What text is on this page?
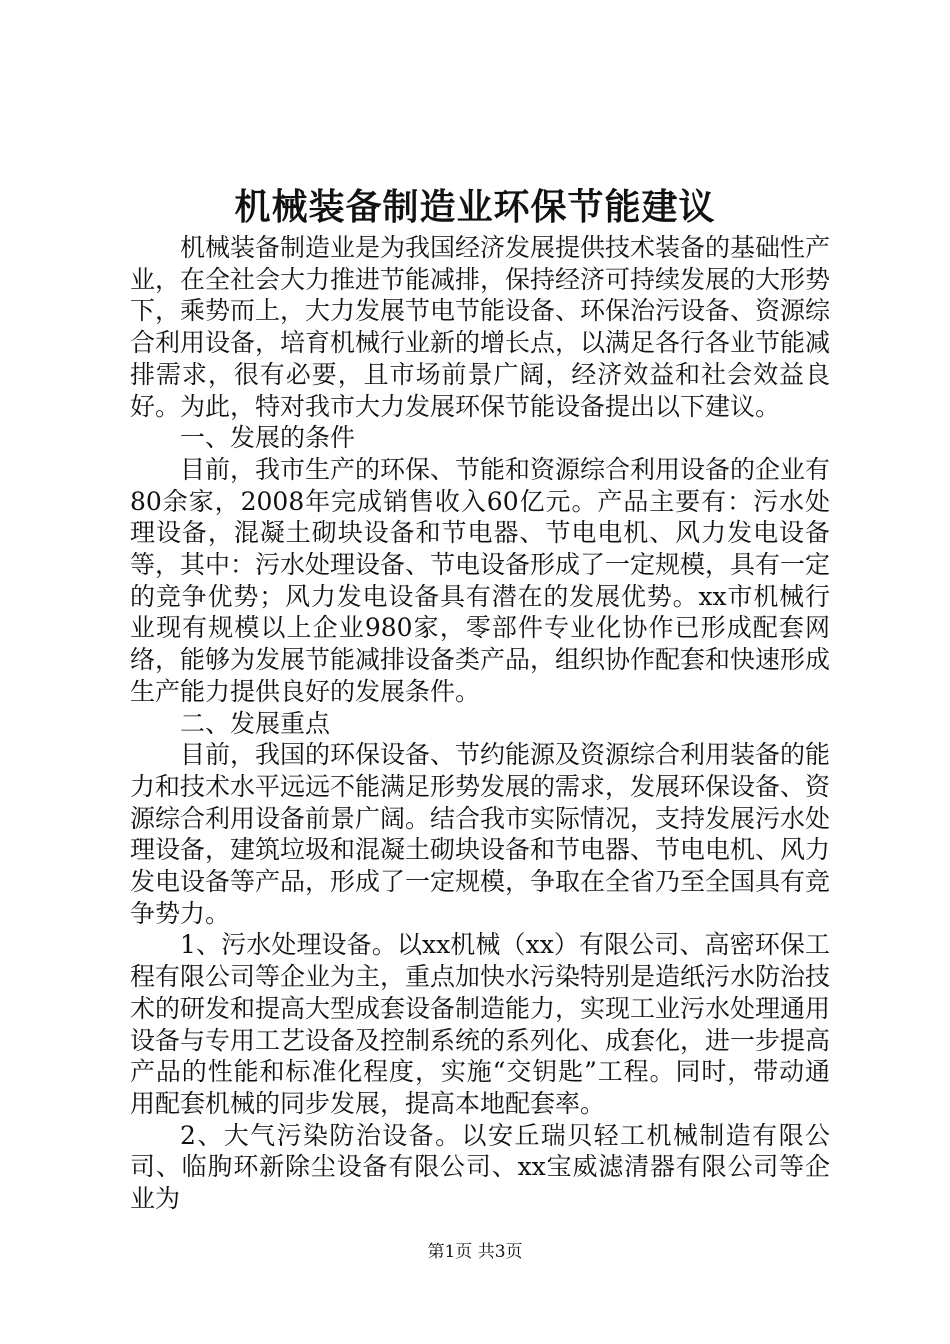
机械装备制造业环保节能建议

机械装备制造业是为我国经济发展提供技术装备的基础性产业，在全社会大力推进节能减排，保持经济可持续发展的大形势下，乘势而上，大力发展节电节能设备、环保治污设备、资源综合利用设备，培育机械行业新的增长点，以满足各行各业节能减排需求，很有必要，且市场前景广阔，经济效益和社会效益良好。为此，特对我市大力发展环保节能设备提出以下建议。

一、发展的条件

目前，我市生产的环保、节能和资源综合利用设备的企业有80余家，2008年完成销售收入60亿元。产品主要有：污水处理设备，混凝土砌块设备和节电器、节电电机、风力发电设备等，其中：污水处理设备、节电设备形成了一定规模，具有一定的竞争优势；风力发电设备具有潜在的发展优势。xx市机械行业现有规模以上企业980家，零部件专业化协作已形成配套网络，能够为发展节能减排设备类产品，组织协作配套和快速形成生产能力提供良好的发展条件。

二、发展重点

目前，我国的环保设备、节约能源及资源综合利用装备的能力和技术水平远远不能满足形势发展的需求，发展环保设备、资源综合利用设备前景广阔。结合我市实际情况，支持发展污水处理设备，建筑垃圾和混凝土砌块设备和节电器、节电电机、风力发电设备等产品，形成了一定规模，争取在全省乃至全国具有竞争势力。

1、污水处理设备。以xx机械（xx）有限公司、高密环保工程有限公司等企业为主，重点加快水污染特别是造纸污水防治技术的研发和提高大型成套设备制造能力，实现工业污水处理通用设备与专用工艺设备及控制系统的系列化、成套化，进一步提高产品的性能和标准化程度，实施“交钥匙”工程。同时，带动通用配套机械的同步发展，提高本地配套率。

2、大气污染防治设备。以安丘瑞贝轻工机械制造有限公司、临朐环新除尘设备有限公司、xx宝威滤清器有限公司等企业为

第1页 共3页
